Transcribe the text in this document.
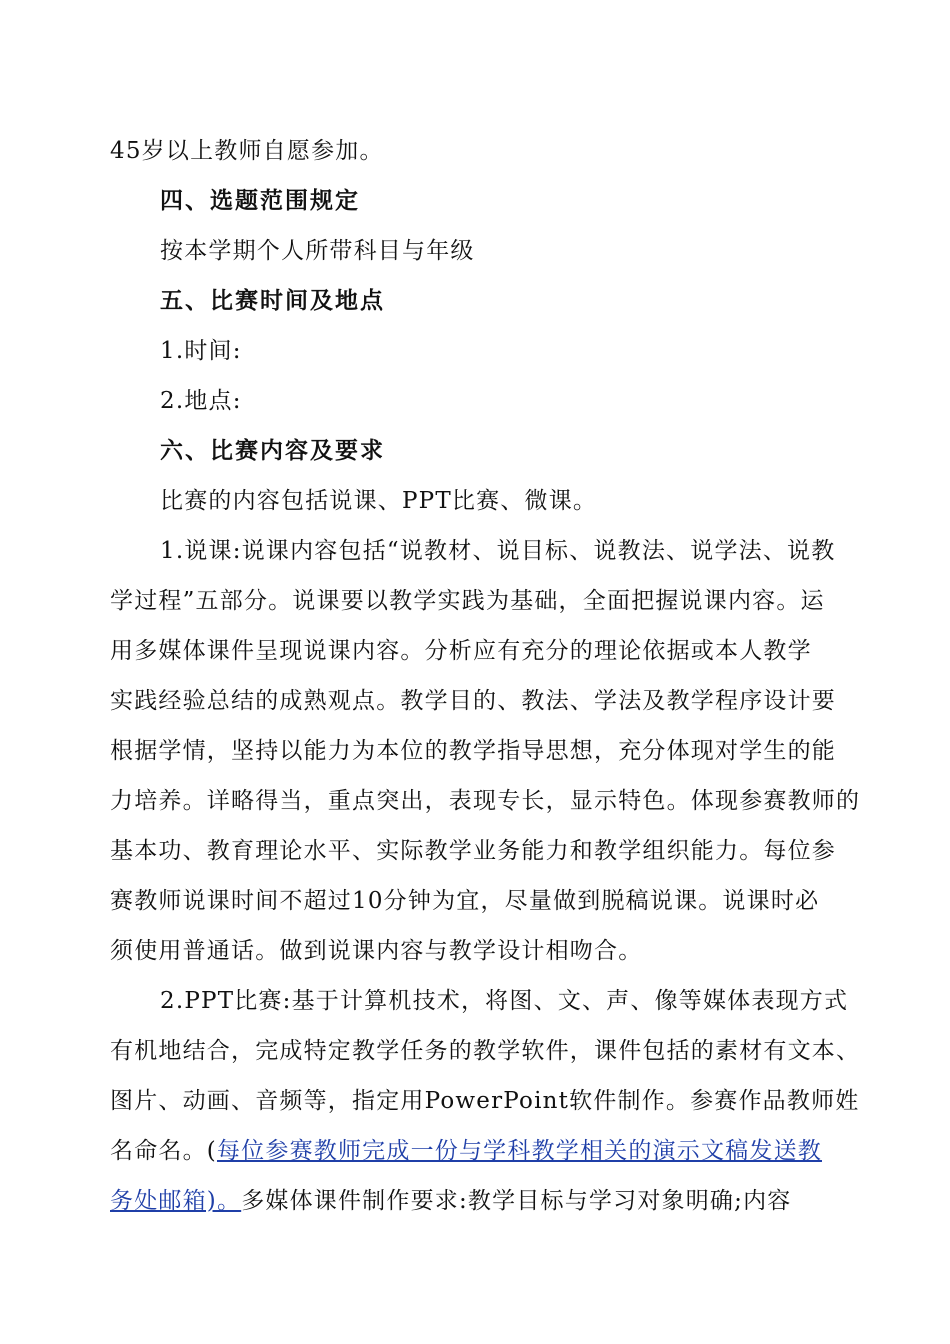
45岁以上教师自愿参加。
四、选题范围规定
按本学期个人所带科目与年级
五、比赛时间及地点
1.时间:
2.地点:
六、比赛内容及要求
比赛的内容包括说课、PPT比赛、微课。
1.说课:说课内容包括“说教材、说目标、说教法、说学法、说教
学过程”五部分。说课要以教学实践为基础，全面把握说课内容。运
用多媒体课件呈现说课内容。分析应有充分的理论依据或本人教学
实践经验总结的成熟观点。教学目的、教法、学法及教学程序设计要
根据学情，坚持以能力为本位的教学指导思想，充分体现对学生的能
力培养。详略得当，重点突出，表现专长，显示特色。体现参赛教师的
基本功、教育理论水平、实际教学业务能力和教学组织能力。每位参
赛教师说课时间不超过10分钟为宜，尽量做到脱稿说课。说课时必
须使用普通话。做到说课内容与教学设计相吻合。
2.PPT比赛:基于计算机技术，将图、文、声、像等媒体表现方式
有机地结合，完成特定教学任务的教学软件，课件包括的素材有文本、
图片、动画、音频等，指定用PowerPoint软件制作。参赛作品教师姓
名命名。(每位参赛教师完成一份与学科教学相关的演示文稿发送教
务处邮箱)。多媒体课件制作要求:教学目标与学习对象明确;内容
